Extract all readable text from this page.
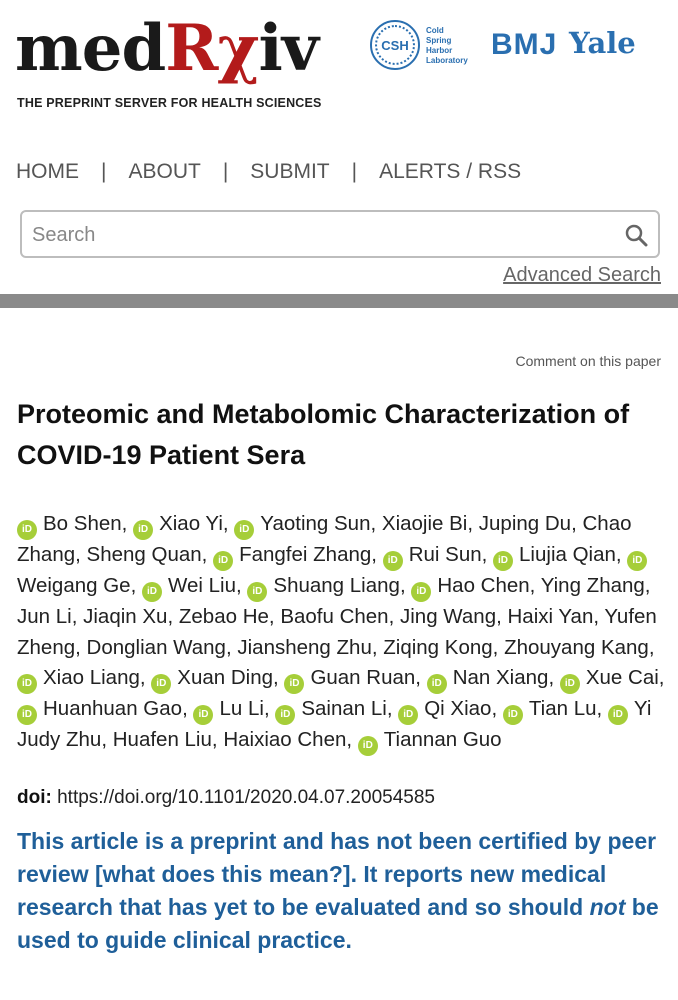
medRχiv
THE PREPRINT SERVER FOR HEALTH SCIENCES
CSH
Cold
Spring
Harbor
Laboratory BMJ Yale
HOME | ABOUT | SUBMIT | ALERTS / RSS
Search
Advanced Search
Comment on this paper
Proteomic and Metabolomic Characterization of COVID-19 Patient Sera
iD Bo Shen, iD Xiao Yi, iD Yaoting Sun, Xiaojie Bi, Juping Du, Chao Zhang, Sheng Quan, iD Fangfei Zhang, iD Rui Sun, iD Liujia Qian, iDWeigang Ge, iD Wei Liu, iD Shuang Liang, iD Hao Chen, Ying Zhang, Jun Li, Jiaqin Xu, Zebao He, Baofu Chen, Jing Wang, Haixi Yan, Yufen Zheng, Donglian Wang, Jiansheng Zhu, Ziqing Kong, Zhouyang Kang, iD Xiao Liang, iD Xuan Ding, iD Guan Ruan, iD Nan Xiang, iD Xue Cai, iD Huanhuan Gao, iD Lu Li, iD Sainan Li, iD Qi Xiao, iD Tian Lu, iD Yi Judy Zhu, Huafen Liu, Haixiao Chen, iD Tiannan Guo
doi: https://doi.org/10.1101/2020.04.07.20054585
This article is a preprint and has not been certified by peer review [what does this mean?]. It reports new medical research that has yet to be evaluated and so should not be used to guide clinical practice.
